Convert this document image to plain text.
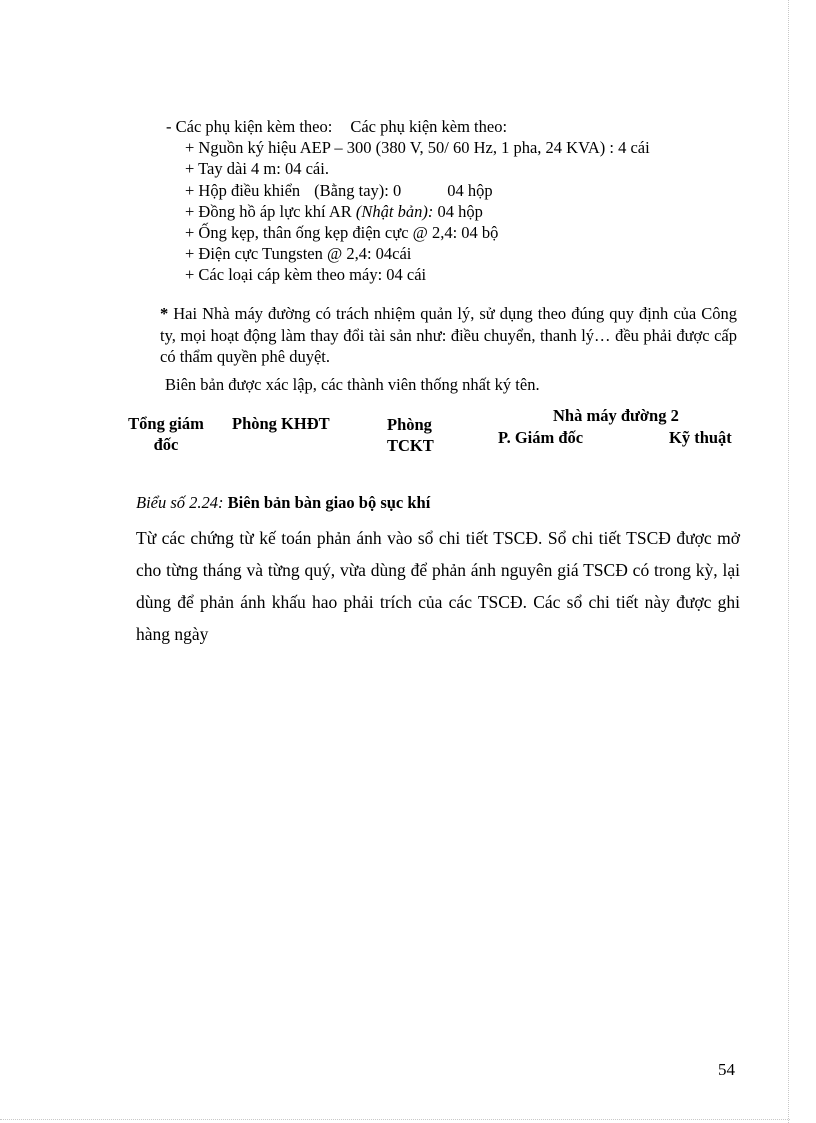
- Các phụ kiện kèm theo: Các phụ kiện kèm theo:
+ Nguồn ký hiệu AEP – 300 (380 V, 50/ 60 Hz, 1 pha, 24 KVA) : 4 cái
+ Tay dài 4 m: 04 cái.
+ Hộp điều khiển (Bằng tay): 0	04 hộp
+ Đồng hồ áp lực khí AR (Nhật bản): 04 hộp
+ Ống kẹp, thân ống kẹp điện cực @ 2,4: 04 bộ
+ Điện cực Tungsten @ 2,4: 04cái
+ Các loại cáp kèm theo máy: 04 cái
* Hai Nhà máy đường có trách nhiệm quản lý, sử dụng theo đúng quy định của Công ty, mọi hoạt động làm thay đổi tài sản như: điều chuyển, thanh lý… đều phải được cấp có thẩm quyền phê duyệt.
Biên bản được xác lập, các thành viên thống nhất ký tên.
Tổng giám
đốc
Phòng KHĐT	Phòng
TCKT
Nhà máy đường 2
P. Giám đốc	Kỹ thuật
Biểu số 2.24: Biên bản bàn giao bộ sục khí
Từ các chứng từ kế toán phản ánh vào sổ chi tiết TSCĐ. Sổ chi tiết TSCĐ được mở cho từng tháng và từng quý, vừa dùng để phản ánh nguyên giá TSCĐ có trong kỳ, lại dùng để phản ánh khấu hao phải trích của các TSCĐ. Các sổ chi tiết này được ghi hàng ngày
54
